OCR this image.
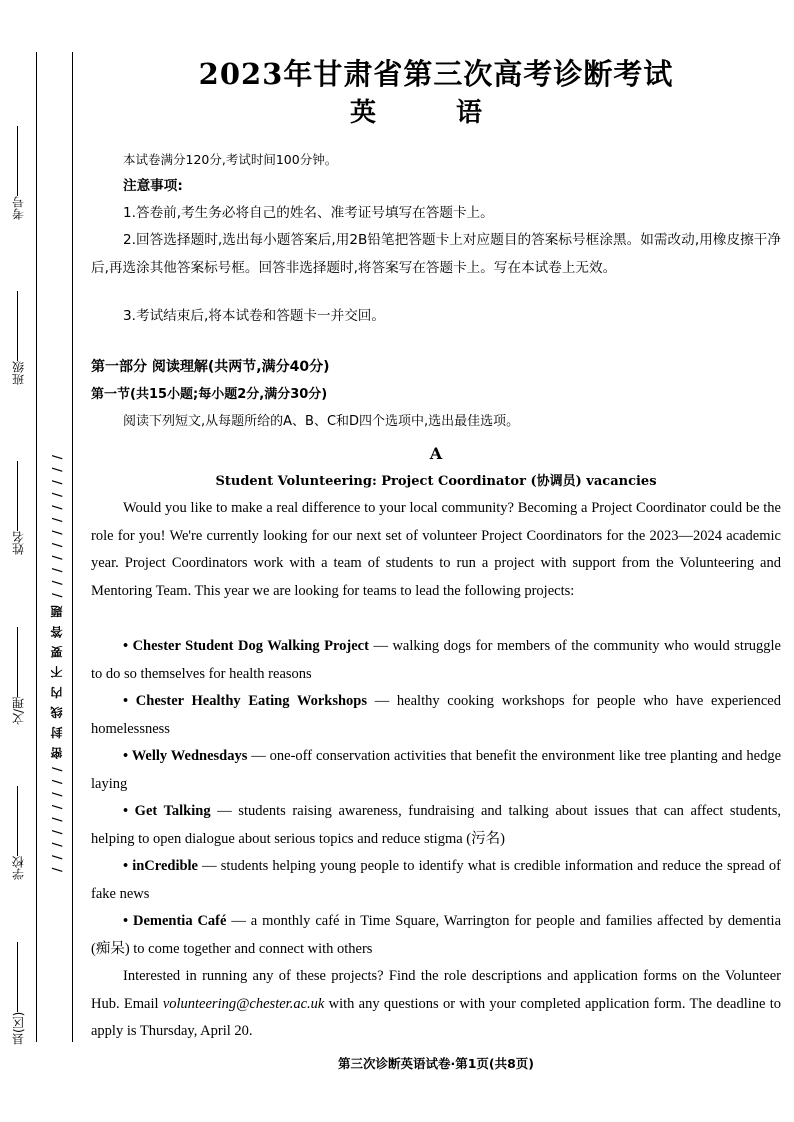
考号
班级
姓名
文/理
学校
县(区)
/ / / / / / / / / 密 封 线 内 不 要 答 题 / / / / / / / / / / / /
2023年甘肃省第三次高考诊断考试
英语
本试卷满分120分,考试时间100分钟。
注意事项:
1.答卷前,考生务必将自己的姓名、准考证号填写在答题卡上。
2.回答选择题时,选出每小题答案后,用2B铅笔把答题卡上对应题目的答案标号框涂黑。如需改动,用橡皮擦干净后,再选涂其他答案标号框。回答非选择题时,将答案写在答题卡上。写在本试卷上无效。
3.考试结束后,将本试卷和答题卡一并交回。
第一部分 阅读理解(共两节,满分40分)
第一节(共15小题;每小题2分,满分30分)
阅读下列短文,从每题所给的A、B、C和D四个选项中,选出最佳选项。
A
Student Volunteering: Project Coordinator (协调员) vacancies
Would you like to make a real difference to your local community? Becoming a Project Coordinator could be the role for you! We're currently looking for our next set of volunteer Project Coordinators for the 2023—2024 academic year. Project Coordinators work with a team of students to run a project with support from the Volunteering and Mentoring Team. This year we are looking for teams to lead the following projects:
• Chester Student Dog Walking Project — walking dogs for members of the community who would struggle to do so themselves for health reasons
• Chester Healthy Eating Workshops — healthy cooking workshops for people who have experienced homelessness
• Welly Wednesdays — one-off conservation activities that benefit the environment like tree planting and hedge laying
• Get Talking — students raising awareness, fundraising and talking about issues that can affect students, helping to open dialogue about serious topics and reduce stigma (污名)
• inCredible — students helping young people to identify what is credible information and reduce the spread of fake news
• Dementia Café — a monthly café in Time Square, Warrington for people and families affected by dementia (痴呆) to come together and connect with others
Interested in running any of these projects? Find the role descriptions and application forms on the Volunteer Hub. Email volunteering@chester.ac.uk with any questions or with your completed application form. The deadline to apply is Thursday, April 20.
第三次诊断英语试卷·第1页(共8页)
